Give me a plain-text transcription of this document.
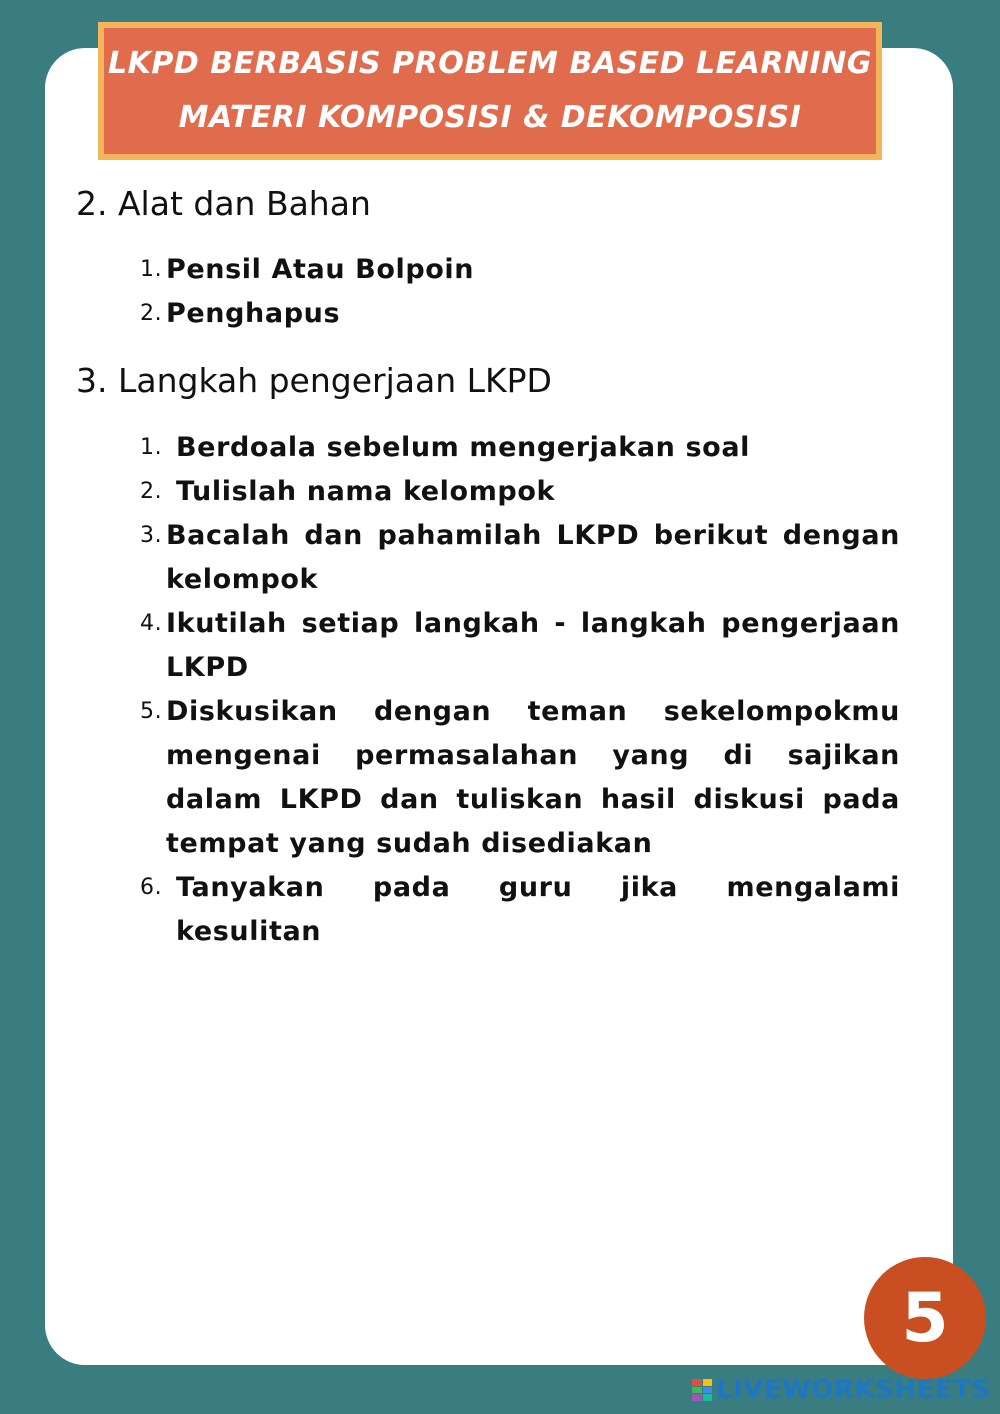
LKPD BERBASIS PROBLEM BASED LEARNING
MATERI KOMPOSISI & DEKOMPOSISI
2. Alat dan Bahan
1. Pensil Atau Bolpoin
2. Penghapus
3. Langkah pengerjaan LKPD
1. Berdoala sebelum mengerjakan soal
2. Tulislah nama kelompok
3. Bacalah dan pahamilah LKPD berikut dengan kelompok
4. Ikutilah setiap langkah - langkah pengerjaan LKPD
5. Diskusikan dengan teman sekelompokmu mengenai permasalahan yang di sajikan dalam LKPD dan tuliskan hasil diskusi pada tempat yang sudah disediakan
6. Tanyakan pada guru jika mengalami kesulitan
5
LIVEWORKSHEETS
